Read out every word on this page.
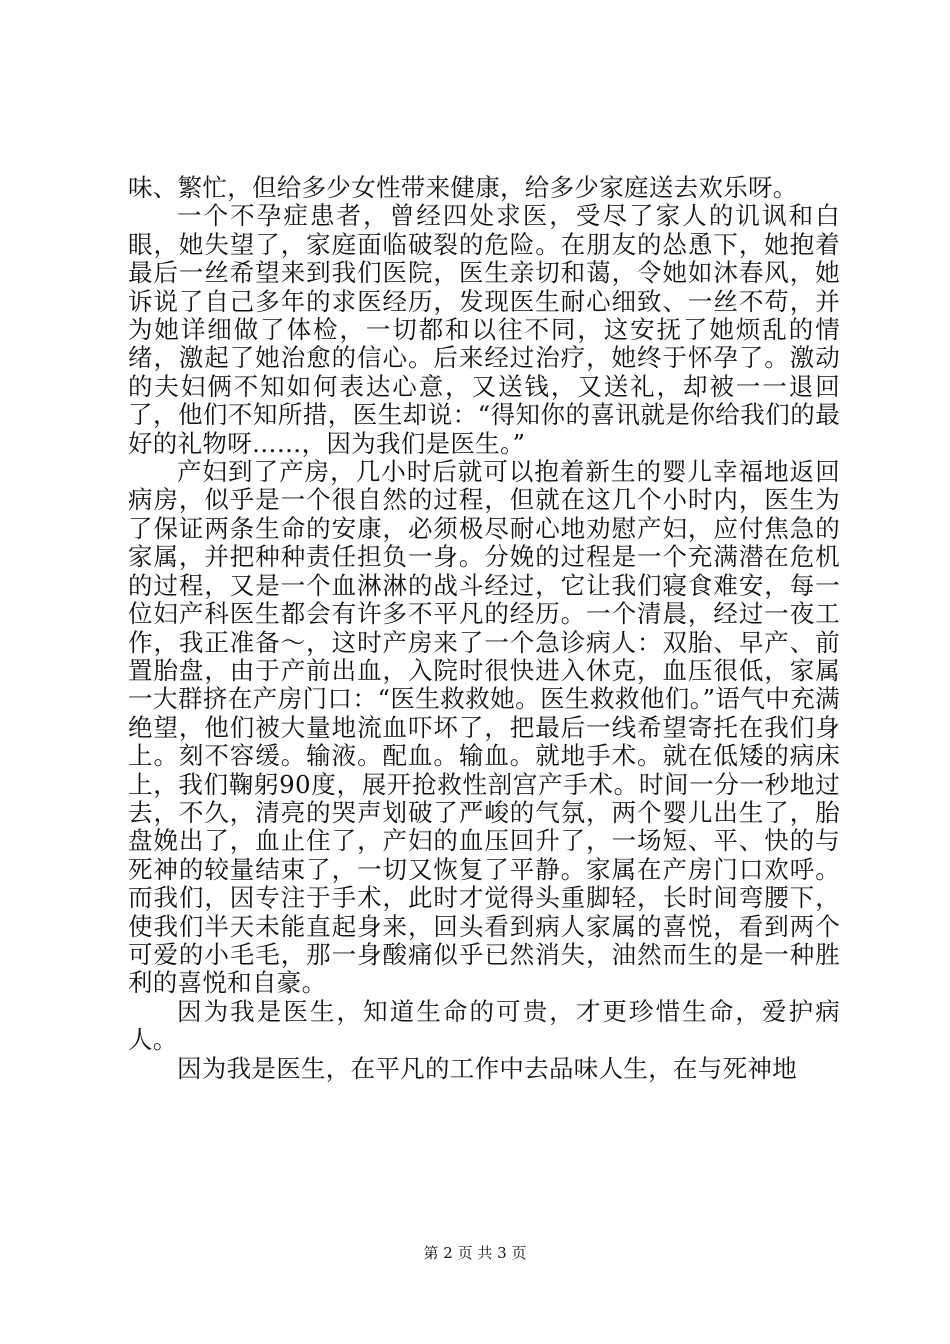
味、繁忙，但给多少女性带来健康，给多少家庭送去欢乐呀。

一个不孕症患者，曾经四处求医，受尽了家人的讥讽和白眼，她失望了，家庭面临破裂的危险。在朋友的怂恿下，她抱着最后一丝希望来到我们医院，医生亲切和蔼，令她如沐春风，她诉说了自己多年的求医经历，发现医生耐心细致、一丝不苟，并为她详细做了体检，一切都和以往不同，这安抚了她烦乱的情绪，激起了她治愈的信心。后来经过治疗，她终于怀孕了。激动的夫妇俩不知如何表达心意，又送钱，又送礼，却被一一退回了，他们不知所措，医生却说：“得知你的喜讯就是你给我们的最好的礼物呀……，因为我们是医生。”

产妇到了产房，几小时后就可以抱着新生的婴儿幸福地返回病房，似乎是一个很自然的过程，但就在这几个小时内，医生为了保证两条生命的安康，必须极尽耐心地劝慰产妇，应付焦急的家属，并把种种责任担负一身。分娩的过程是一个充满潜在危机的过程，又是一个血淋淋的战斗经过，它让我们寝食难安，每一位妇产科医生都会有许多不平凡的经历。一个清晨，经过一夜工作，我正准备～，这时产房来了一个急诊病人：双胎、早产、前置胎盘，由于产前出血，入院时很快进入休克，血压很低，家属一大群挤在产房门口：“医生救救她。医生救救他们。”语气中充满绝望，他们被大量地流血吓坏了，把最后一线希望寄托在我们身上。刻不容缓。输液。配血。输血。就地手术。就在低矮的病床上，我们鞠躬90度，展开抢救性剖宫产手术。时间一分一秒地过去，不久，清亮的哭声划破了严峻的气氛，两个婴儿出生了，胎盘娩出了，血止住了，产妇的血压回升了，一场短、平、快的与死神的较量结束了，一切又恢复了平静。家属在产房门口欢呼。而我们，因专注于手术，此时才觉得头重脚轻，长时间弯腰下，使我们半天未能直起身来，回头看到病人家属的喜悦，看到两个可爱的小毛毛，那一身酸痛似乎已然消失，油然而生的是一种胜利的喜悦和自豪。

因为我是医生，知道生命的可贵，才更珍惜生命，爱护病人。

因为我是医生，在平凡的工作中去品味人生，在与死神地

第 2 页 共 3 页
